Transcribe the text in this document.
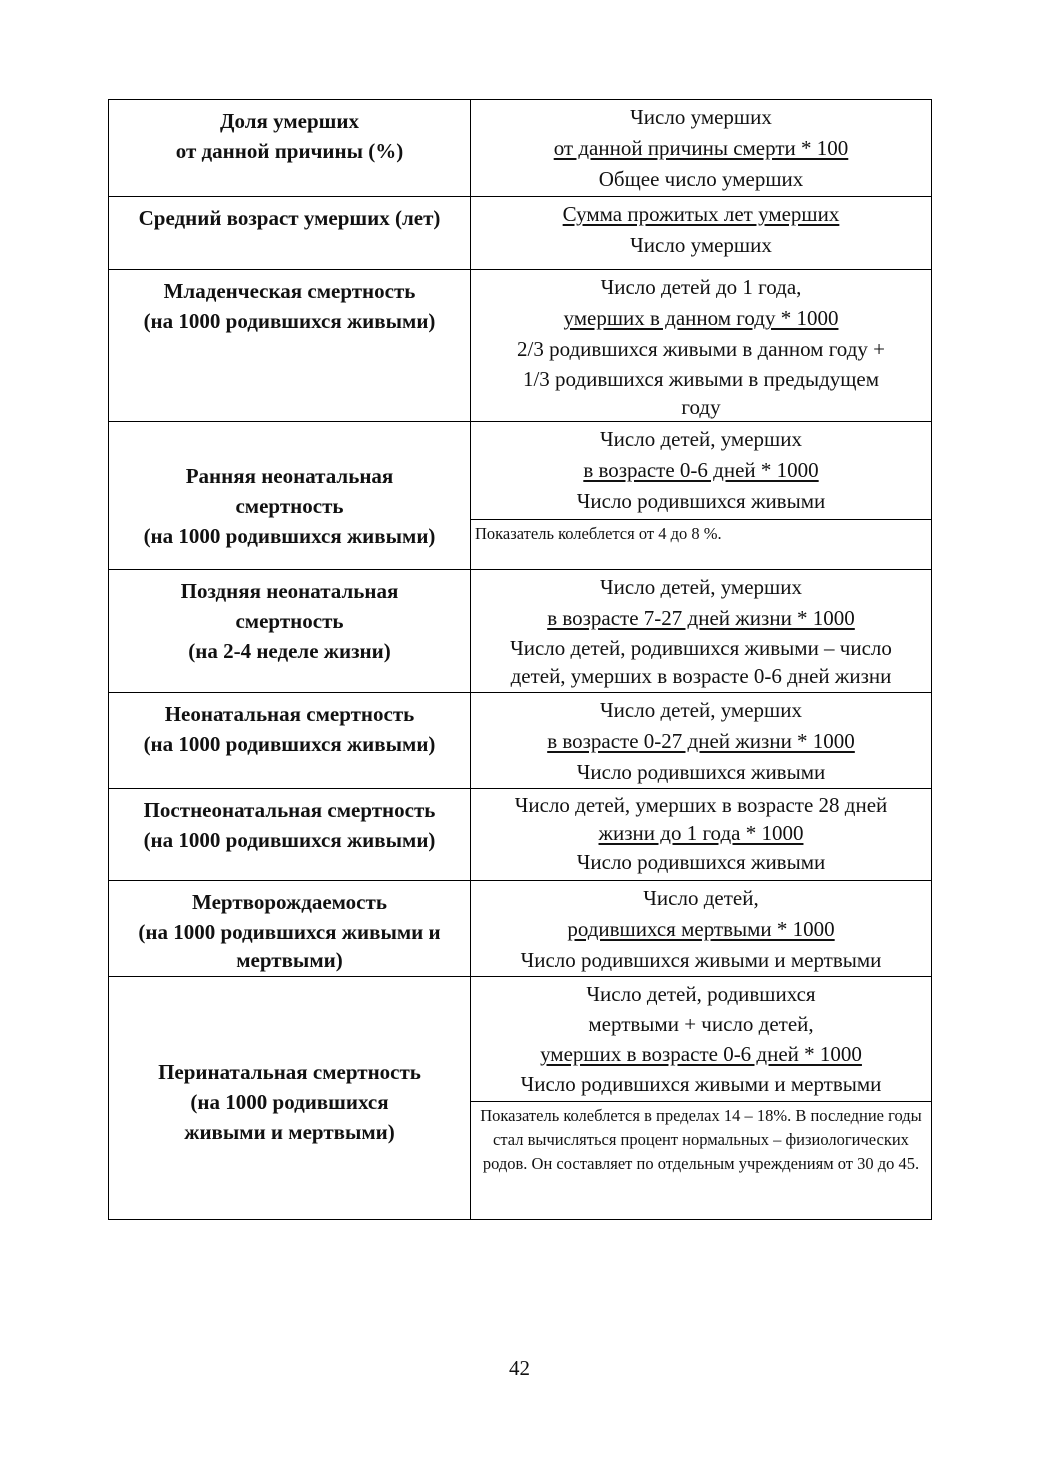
Доля умерших
от данной причины (%)
Число умерших
от данной причины смерти * 100
Общее число умерших
Средний возраст умерших (лет)	Сумма прожитых лет умерших
Число умерших
Младенческая смертность
(на 1000 родившихся живыми)
Число детей до 1 года,
умерших в данном году * 1000
2/3 родившихся живыми в данном году +
1/3 родившихся живыми в предыдущем
году
Ранняя неонатальная
смертность
(на 1000 родившихся живыми)
Число детей, умерших
в возрасте 0-6 дней * 1000
Число родившихся живыми
Показатель колеблется от 4 до 8 %.
Поздняя неонатальная
смертность
(на 2-4 неделе жизни)
Число детей, умерших
в возрасте 7-27 дней жизни * 1000
Число детей, родившихся живыми – число
детей, умерших в возрасте 0-6 дней жизни
Неонатальная смертность
(на 1000 родившихся живыми)
Число детей, умерших
в возрасте 0-27 дней жизни * 1000
Число родившихся живыми
Постнеонатальная смертность
(на 1000 родившихся живыми)
Число детей, умерших в возрасте 28 дней
жизни до 1 года * 1000
Число родившихся живыми
Мертворождаемость
(на 1000 родившихся живыми и
мертвыми)
Число детей,
родившихся мертвыми * 1000
Число родившихся живыми и мертвыми
Перинатальная смертность
(на 1000 родившихся
живыми и мертвыми)
Число детей, родившихся
мертвыми + число детей,
умерших в возрасте 0-6 дней * 1000
Число родившихся живыми и мертвыми
Показатель колеблется в пределах 14 – 18%. В последние годы стал вычисляться процент нормальных – физиологических родов. Он составляет по отдельным учреждениям от 30 до 45.
42
